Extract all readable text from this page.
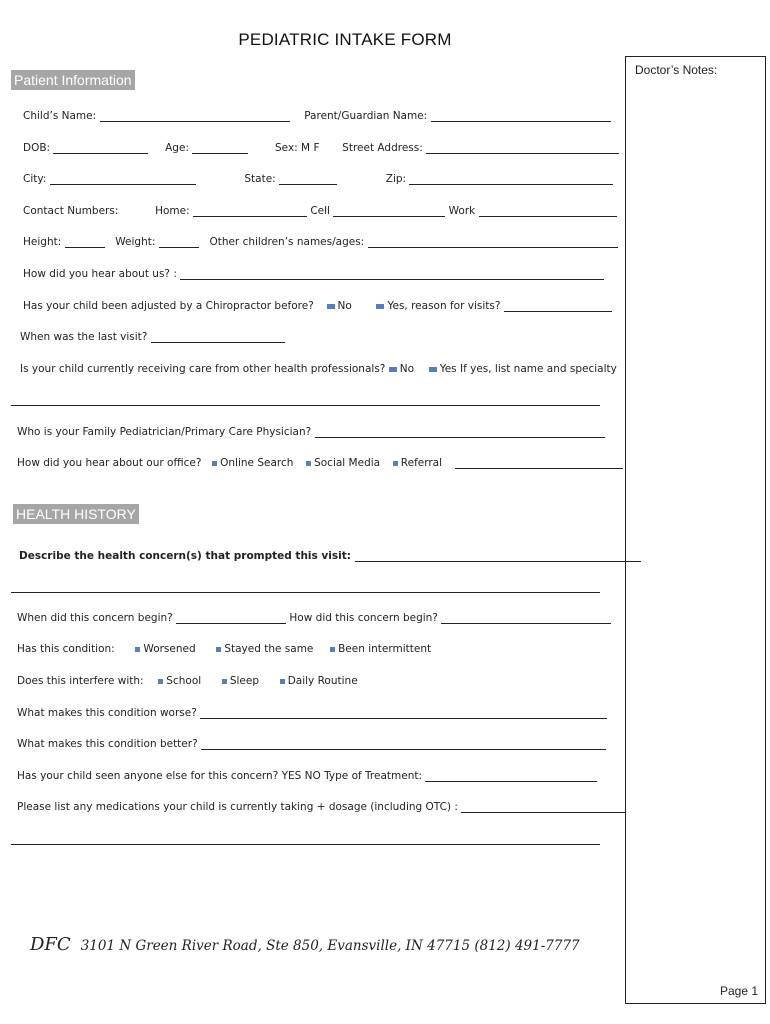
PEDIATRIC INTAKE FORM
Doctor’s Notes:
Page 1
Patient Information
Child’s Name:	Parent/Guardian Name:
DOB:	Age:	Sex: M F Street Address:
City:	State:	Zip:
Contact Numbers:	Home:	Cell	Work
Height:	Weight:	Other children’s names/ages:
How did you hear about us? :
Has your child been adjusted by a Chiropractor before? No	Yes, reason for visits?
When was the last visit?
Is your child currently receiving care from other health professionals? No Yes If yes, list name and specialty
Who is your Family Pediatrician/Primary Care Physician?
How did you hear about our office? Online Search Social Media Referral
HEALTH HISTORY
Describe the health concern(s) that prompted this visit:
When did this concern begin?	How did this concern begin?
Has this condition:	Worsened	Stayed the same Been intermittent
Does this interfere with: School	Sleep	Daily Routine
What makes this condition worse?
What makes this condition better?
Has your child seen anyone else for this concern? YES NO Type of Treatment:
Please list any medications your child is currently taking + dosage (including OTC) :
DFC 3101 N Green River Road, Ste 850, Evansville, IN 47715 (812) 491-7777
